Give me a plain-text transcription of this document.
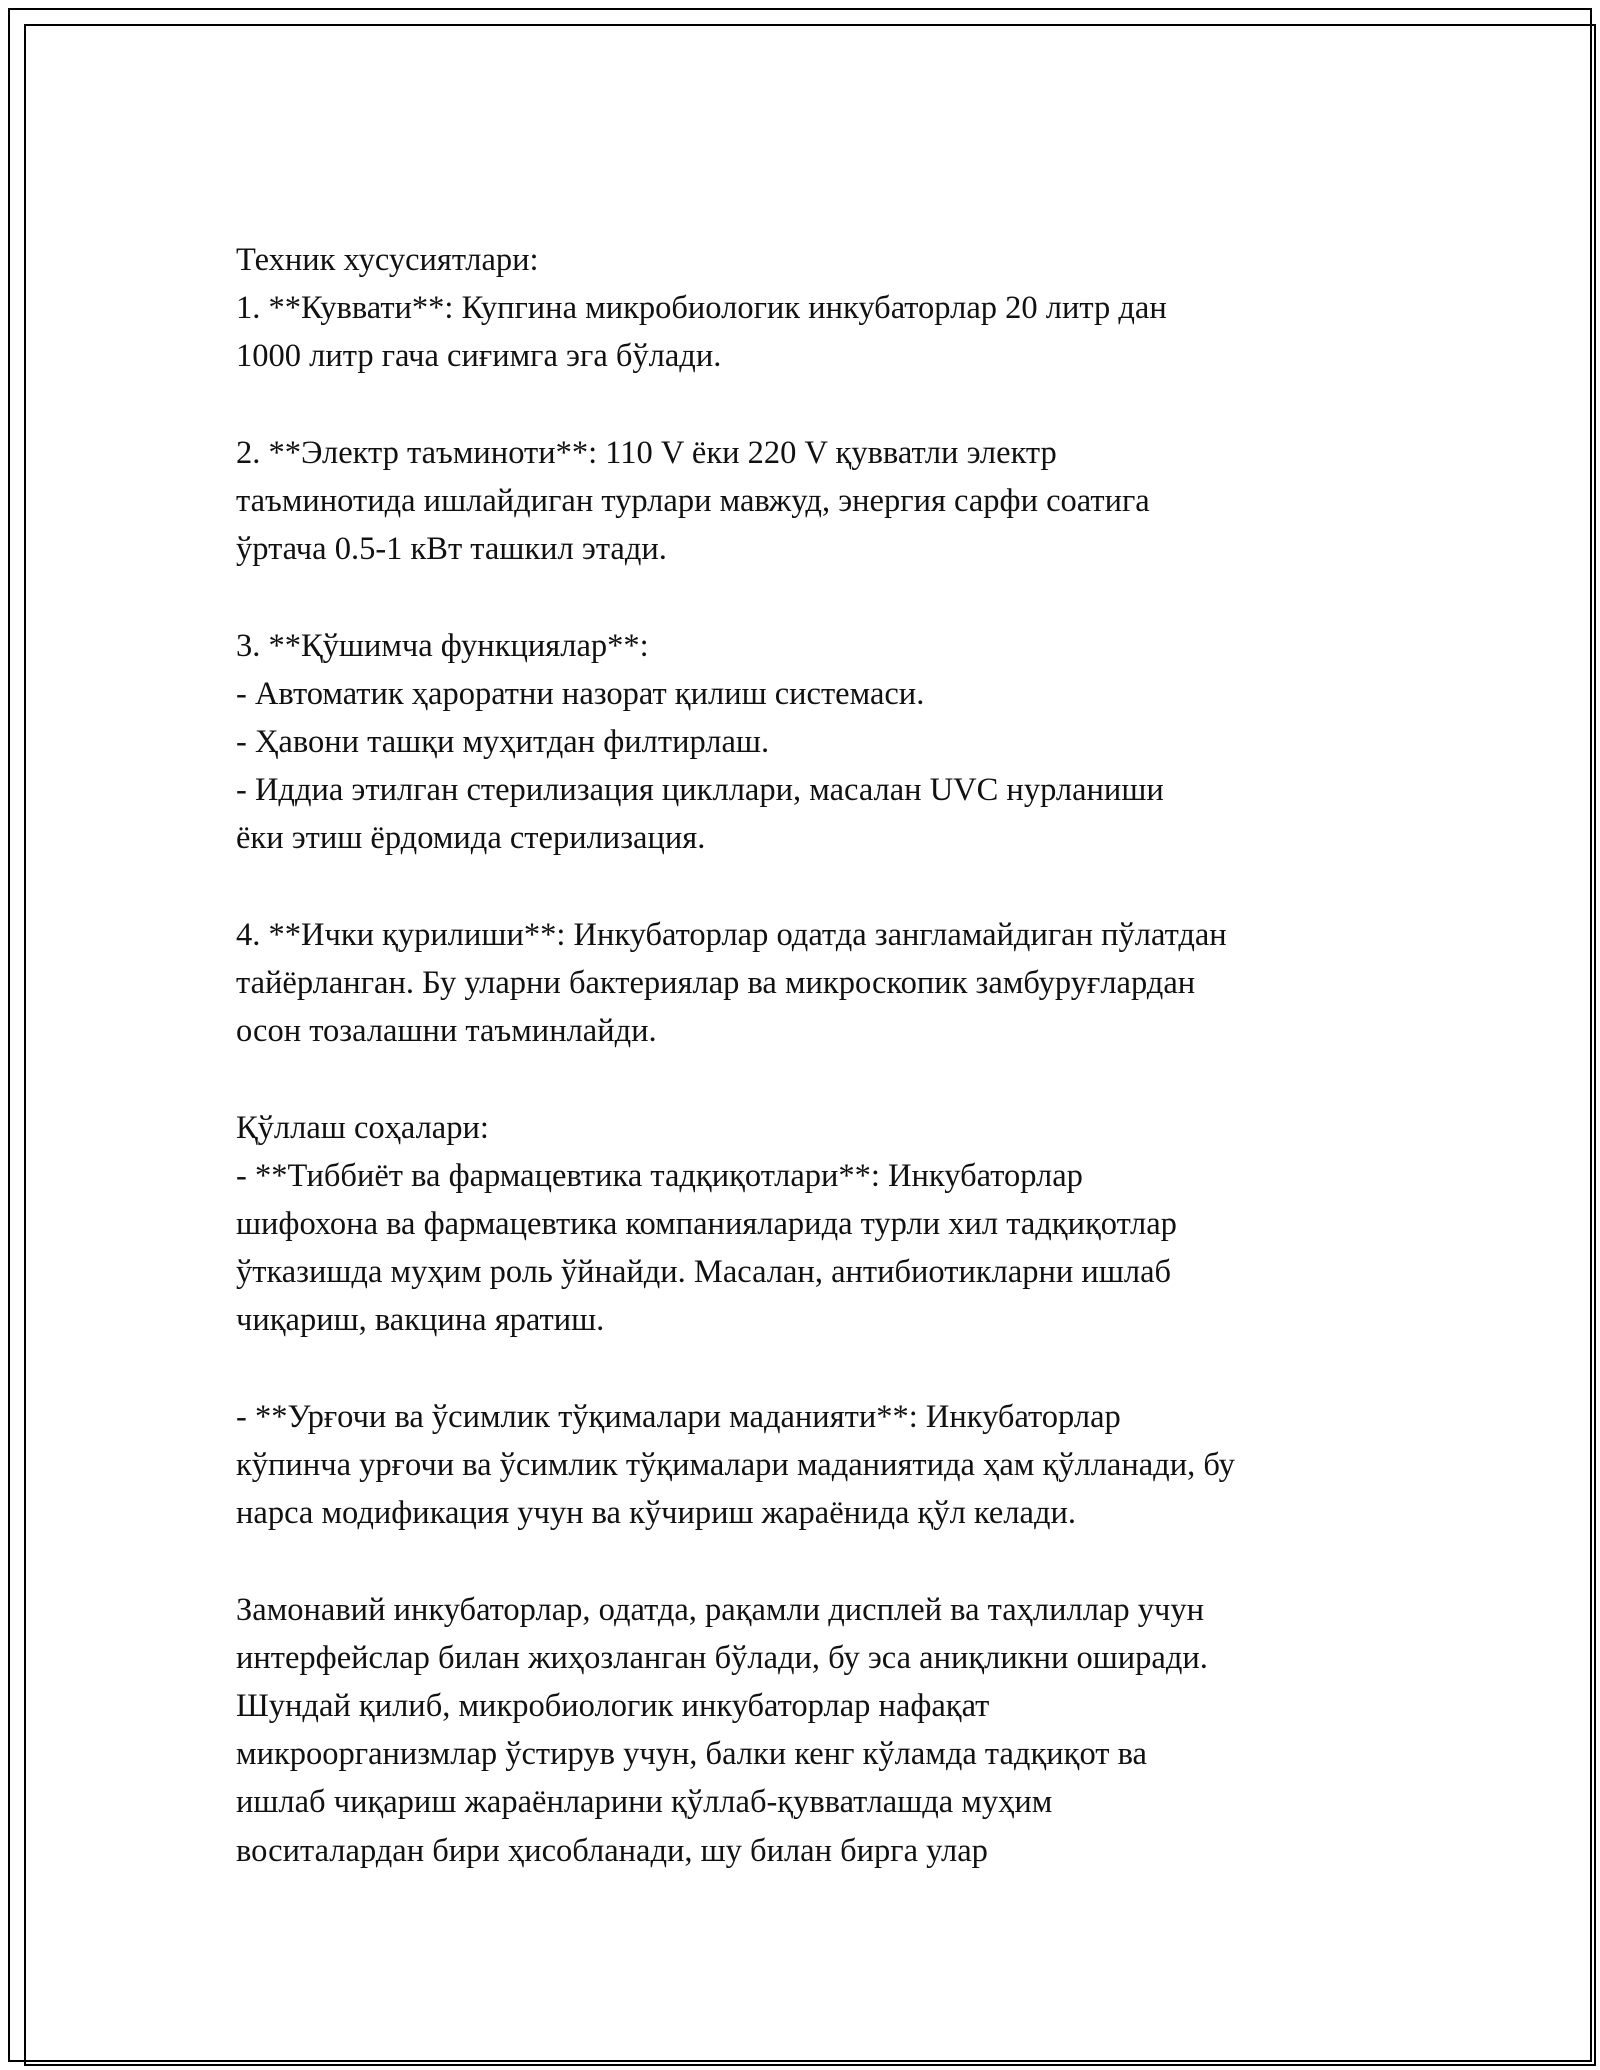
Техник хусусиятлари:

1. **Куввати**: Купгина микробиологик инкубаторлар 20 литр дан

1000 литр гача сиғимга эга бўлади.

2. **Электр таъминоти**: 110 V ёки 220 V қувватли электр

таъминотида ишлайдиган турлари мавжуд, энергия сарфи соатига

ўртача 0.5-1 кВт ташкил этади.

3. **Қўшимча функциялар**:

- Автоматик ҳароратни назорат қилиш системаси.

- Ҳавони ташқи муҳитдан филтирлаш.

- Иддиа этилган стерилизация цикллари, масалан UVC нурланиши

ёки этиш ёрдомида стерилизация.

4. **Ички қурилиши**: Инкубаторлар одатда зангламайдиган пўлатдан

тайёрланган. Бу уларни бактериялар ва микроскопик замбуруғлардан

осон тозалашни таъминлайди.

Қўллаш соҳалари:

- **Тиббиёт ва фармацевтика тадқиқотлари**: Инкубаторлар

шифохона ва фармацевтика компанияларида турли хил тадқиқотлар

ўтказишда муҳим роль ўйнайди. Масалан, антибиотикларни ишлаб

чиқариш, вакцина яратиш.

- **Урғочи ва ўсимлик тўқималари маданияти**: Инкубаторлар

кўпинча урғочи ва ўсимлик тўқималари маданиятида ҳам қўлланади, бу

нарса модификация учун ва кўчириш жараёнида қўл келади.

Замонавий инкубаторлар, одатда, рақамли дисплей ва таҳлиллар учун

интерфейслар билан жиҳозланган бўлади, бу эса аниқликни оширади.

Шундай қилиб, микробиологик инкубаторлар нафақат

микроорганизмлар ўстирув учун, балки кенг кўламда тадқиқот ва

ишлаб чиқариш жараёнларини қўллаб-қувватлашда муҳим

воситалардан бири ҳисобланади, шу билан бирга улар
